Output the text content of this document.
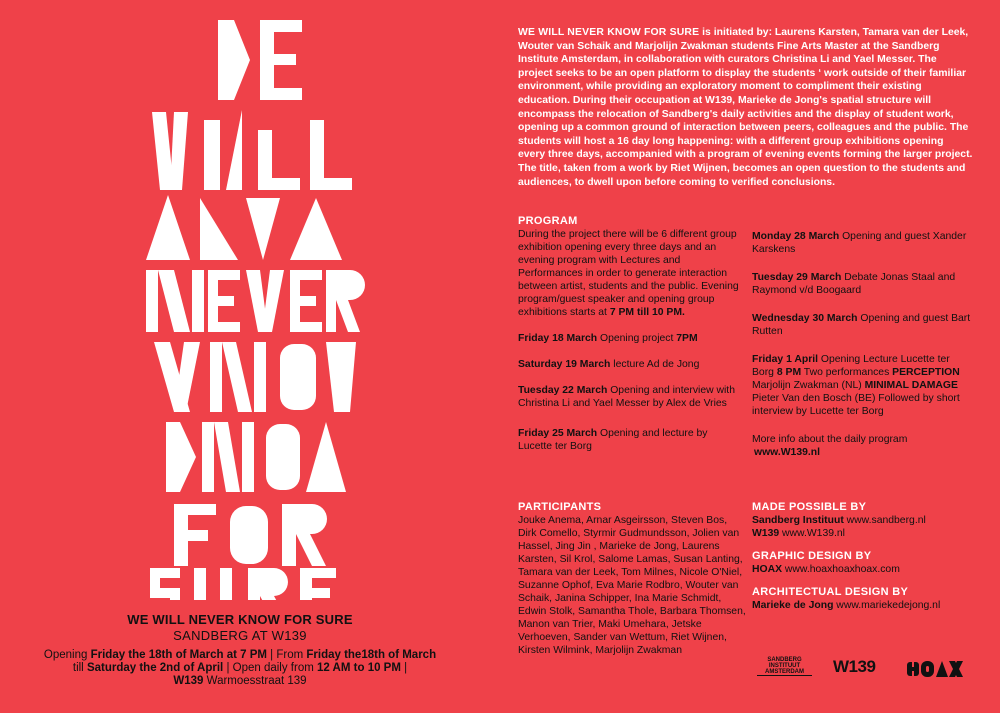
WE WILL NEVER KNOW FOR SURE
SANDBERG AT W139
Opening Friday the 18th of March at 7 PM | From Friday the18th of March
till Saturday the 2nd of April | Open daily from 12 AM to 10 PM |
W139 Warmoesstraat 139
WE WILL NEVER KNOW FOR SURE is initiated by: Laurens Karsten, Tamara van der Leek, Wouter van Schaik and Marjolijn Zwakman students Fine Arts Master at the Sandberg Institute Amsterdam, in collaboration with curators Christina Li and Yael Messer. The project seeks to be an open platform to display the students ‘ work outside of their familiar environment, while providing an exploratory moment to compliment their existing education. During their occupation at W139, Marieke de Jong's spatial structure will encompass the relocation of Sandberg's daily activities and the display of student work, opening up a common ground of interaction between peers, colleagues and the public. The students will host a 16 day long happening: with a different group exhibitions opening every three days, accompanied with a program of evening events forming the larger project. The title, taken from a work by Riet Wijnen, becomes an open question to the students and audiences, to dwell upon before coming to verified conclusions.
PROGRAM
During the project there will be 6 different group exhibition opening every three days and an evening program with Lectures and Performances in order to generate interaction between artist, students and the public. Evening program/guest speaker and opening group exhibitions starts at 7 PM till 10 PM.
Friday 18 March Opening project 7PM
Saturday 19 March lecture Ad de Jong
Tuesday 22 March Opening and interview with Christina Li and Yael Messer by Alex de Vries
Friday 25 March Opening and lecture by Lucette ter Borg
Monday 28 March Opening and guest Xander Karskens
Tuesday 29 March Debate Jonas Staal and Raymond v/d Boogaard
Wednesday 30 March Opening and guest Bart Rutten
Friday 1 April Opening Lecture Lucette ter Borg 8 PM Two performances PERCEPTION Marjolijn Zwakman (NL) MINIMAL DAMAGE Pieter Van den Bosch (BE) Followed by short interview by Lucette ter Borg
More info about the daily program
www.W139.nl
PARTICIPANTS
Jouke Anema, Arnar Asgeirsson, Steven Bos, Dirk Comello, Styrmir Gudmundsson, Jolien van Hassel, Jing Jin , Marieke de Jong, Laurens Karsten, Sil Krol, Salome Lamas, Susan Lanting, Tamara van der Leek, Tom Milnes, Nicole O'Niel, Suzanne Ophof, Eva Marie Rodbro, Wouter van Schaik, Janina Schipper, Ina Marie Schmidt, Edwin Stolk, Samantha Thole, Barbara Thomsen, Manon van Trier, Maki Umehara, Jetske Verhoeven, Sander van Wettum, Riet Wijnen, Kirsten Wilmink, Marjolijn Zwakman
MADE POSSIBLE BY
Sandberg Instituut www.sandberg.nl
W139 www.W139.nl
GRAPHIC DESIGN BY
HOAX www.hoaxhoaxhoax.com
ARCHITECTUAL DESIGN BY
Marieke de Jong www.mariekedejong.nl
SANDBERG
INSTITUUT
AMSTERDAM	W139
